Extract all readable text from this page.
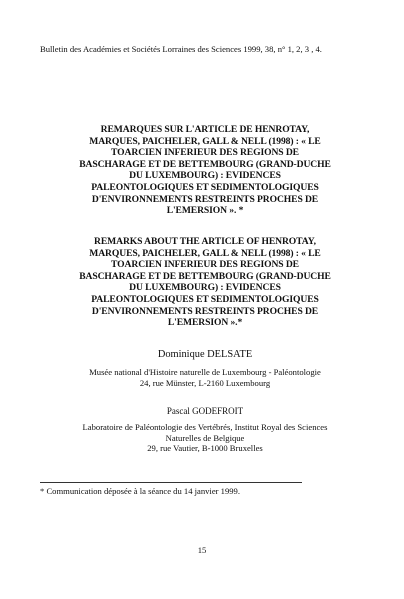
Bulletin des Académies et Sociétés Lorraines des Sciences 1999, 38, n° 1, 2, 3 , 4.
REMARQUES SUR L'ARTICLE DE HENROTAY,
MARQUES, PAICHELER, GALL & NELL (1998) : « LE
TOARCIEN INFERIEUR DES REGIONS DE
BASCHARAGE ET DE BETTEMBOURG (GRAND-DUCHE
DU LUXEMBOURG) : EVIDENCES
PALEONTOLOGIQUES ET SEDIMENTOLOGIQUES
D'ENVIRONNEMENTS RESTREINTS PROCHES DE
L'EMERSION ». *
REMARKS ABOUT THE ARTICLE OF HENROTAY,
MARQUES, PAICHELER, GALL & NELL (1998) : « LE
TOARCIEN INFERIEUR DES REGIONS DE
BASCHARAGE ET DE BETTEMBOURG (GRAND-DUCHE
DU LUXEMBOURG) : EVIDENCES
PALEONTOLOGIQUES ET SEDIMENTOLOGIQUES
D'ENVIRONNEMENTS RESTREINTS PROCHES DE
L'EMERSION ».*
Dominique DELSATE
Musée national d'Histoire naturelle de Luxembourg - Paléontologie
24, rue Münster, L-2160 Luxembourg
Pascal GODEFROIT
Laboratoire de Paléontologie des Vertébrés, Institut Royal des Sciences
Naturelles de Belgique
29, rue Vautier, B-1000 Bruxelles
* Communication déposée à la séance du 14 janvier 1999.
15
